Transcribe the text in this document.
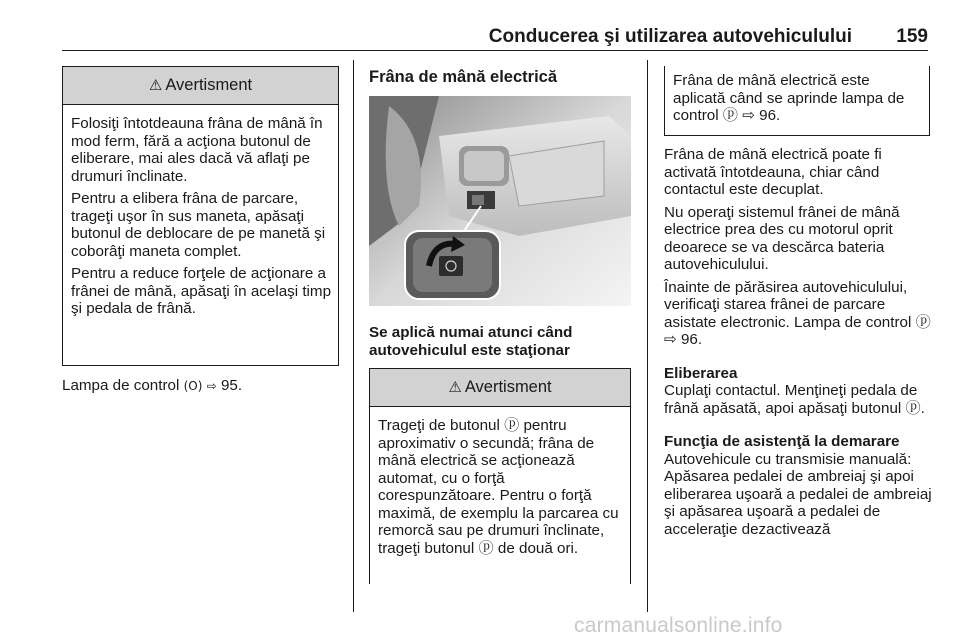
Conducerea şi utilizarea autovehiculului 159
⚠ Avertisment

Folosiţi întotdeauna frâna de mână în mod ferm, fără a acţiona butonul de eliberare, mai ales dacă vă aflaţi pe drumuri înclinate.

Pentru a elibera frâna de parcare, trageţi uşor în sus maneta, apăsaţi butonul de deblocare de pe manetă şi coborâţi maneta complet.

Pentru a reduce forţele de acţionare a frânei de mână, apăsaţi în acelaşi timp şi pedala de frână.

Lampa de control (O) ⇨ 95.
Frâna de mână electrică
Se aplică numai atunci când autovehiculul este staţionar
⚠ Avertisment

Trageţi de butonul ⓟ pentru aproximativ o secundă; frâna de mână electrică se acţionează automat, cu o forţă corespunzătoare. Pentru o forţă maximă, de exemplu la parcarea cu remorcă sau pe drumuri înclinate, trageţi butonul ⓟ de două ori.

Frâna de mână electrică este aplicată când se aprinde lampa de control ⓟ ⇨ 96.

Frâna de mână electrică poate fi activată întotdeauna, chiar când contactul este decuplat.

Nu operaţi sistemul frânei de mână electrice prea des cu motorul oprit deoarece se va descărca bateria autovehiculului.

Înainte de părăsirea autovehiculului, verificaţi starea frânei de parcare asistate electronic. Lampa de control ⓟ ⇨ 96.

Eliberarea

Cuplaţi contactul. Menţineţi pedala de frână apăsată, apoi apăsaţi butonul ⓟ.

Funcţia de asistenţă la demarare

Autovehicule cu transmisie manuală: Apăsarea pedalei de ambreiaj şi apoi eliberarea uşoară a pedalei de ambreiaj şi apăsarea uşoară a pedalei de acceleraţie dezactivează

carmanualsonline.info
